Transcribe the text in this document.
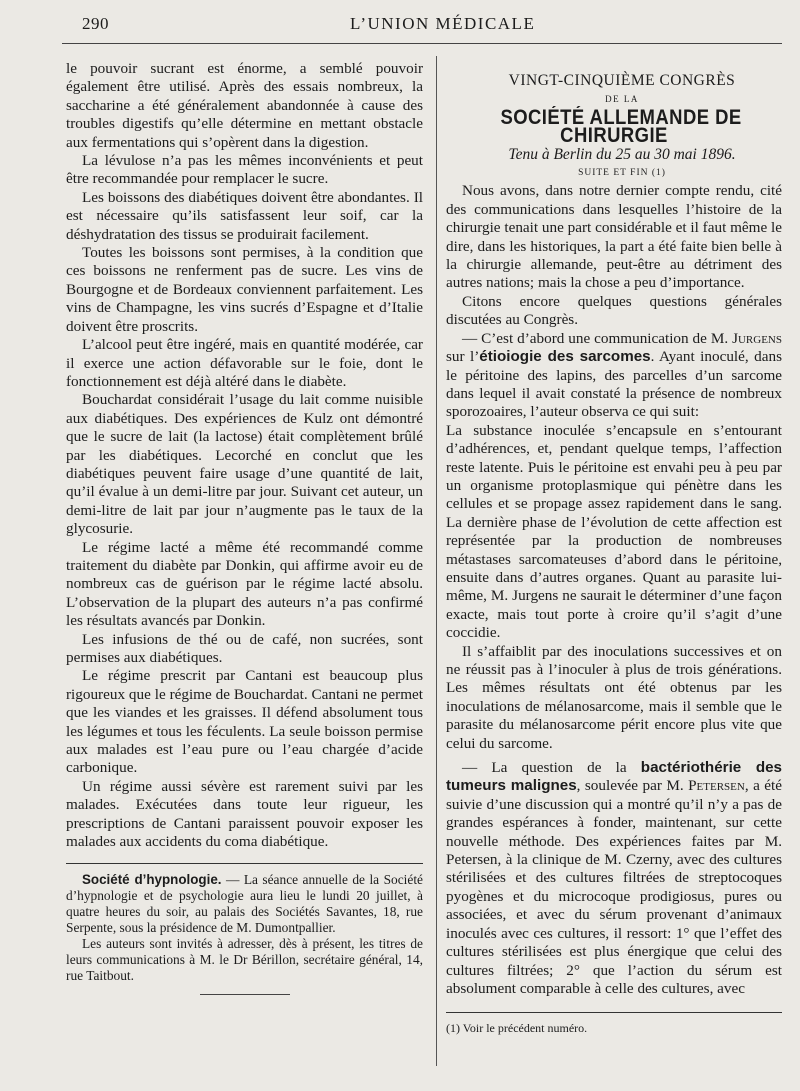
290	L’UNION MÉDICALE

le pouvoir sucrant est énorme, a semblé pouvoir également être utilisé. Après des essais nombreux, la saccharine a été généralement abandonnée à cause des troubles digestifs qu’elle détermine en mettant obstacle aux fermentations qui s’opèrent dans la digestion.

La lévulose n’a pas les mêmes inconvénients et peut être recommandée pour remplacer le sucre.

Les boissons des diabétiques doivent être abondantes. Il est nécessaire qu’ils satisfassent leur soif, car la déshydratation des tissus se produirait facilement.

Toutes les boissons sont permises, à la condition que ces boissons ne renferment pas de sucre. Les vins de Bourgogne et de Bordeaux conviennent parfaitement. Les vins de Champagne, les vins sucrés d’Espagne et d’Italie doivent être proscrits.

L’alcool peut être ingéré, mais en quantité modérée, car il exerce une action défavorable sur le foie, dont le fonctionnement est déjà altéré dans le diabète.

Bouchardat considérait l’usage du lait comme nuisible aux diabétiques. Des expériences de Kulz ont démontré que le sucre de lait (la lactose) était complètement brûlé par les diabétiques. Lecorché en conclut que les diabétiques peuvent faire usage d’une quantité de lait, qu’il évalue à un demi-litre par jour. Suivant cet auteur, un demi-litre de lait par jour n’augmente pas le taux de la glycosurie.

Le régime lacté a même été recommandé comme traitement du diabète par Donkin, qui affirme avoir eu de nombreux cas de guérison par le régime lacté absolu. L’observation de la plupart des auteurs n’a pas confirmé les résultats avancés par Donkin.

Les infusions de thé ou de café, non sucrées, sont permises aux diabétiques.

Le régime prescrit par Cantani est beaucoup plus rigoureux que le régime de Bouchardat. Cantani ne permet que les viandes et les graisses. Il défend absolument tous les légumes et tous les féculents. La seule boisson permise aux malades est l’eau pure ou l’eau chargée d’acide carbonique.

Un régime aussi sévère est rarement suivi par les malades. Exécutées dans toute leur rigueur, les prescriptions de Cantani paraissent pouvoir exposer les malades aux accidents du coma diabétique.

Société d’hypnologie. — La séance annuelle de la Société d’hypnologie et de psychologie aura lieu le lundi 20 juillet, à quatre heures du soir, au palais des Sociétés Savantes, 18, rue Serpente, sous la présidence de M. Dumontpallier.

Les auteurs sont invités à adresser, dès à présent, les titres de leurs communications à M. le Dr Bérillon, secrétaire général, 14, rue Taitbout.

VINGT-CINQUIÈME CONGRÈS

DE LA

SOCIÉTÉ ALLEMANDE DE CHIRURGIE

Tenu à Berlin du 25 au 30 mai 1896.

SUITE ET FIN (1)

Nous avons, dans notre dernier compte rendu, cité des communications dans lesquelles l’histoire de la chirurgie tenait une part considérable et il faut même le dire, dans les historiques, la part a été faite bien belle à la chirurgie allemande, peut-être au détriment des autres nations; mais la chose a peu d’importance.

Citons encore quelques questions générales discutées au Congrès.

— C’est d’abord une communication de M. Jurgens sur l’étioiogie des sarcomes. Ayant inoculé, dans le péritoine des lapins, des parcelles d’un sarcome dans lequel il avait constaté la présence de nombreux sporozoaires, l’auteur observa ce qui suit:

La substance inoculée s’encapsule en s’entourant d’adhérences, et, pendant quelque temps, l’affection reste latente. Puis le péritoine est envahi peu à peu par un organisme protoplasmique qui pénètre dans les cellules et se propage assez rapidement dans le sang. La dernière phase de l’évolution de cette affection est représentée par la production de nombreuses métastases sarcomateuses d’abord dans le péritoine, ensuite dans d’autres organes. Quant au parasite lui-même, M. Jurgens ne saurait le déterminer d’une façon exacte, mais tout porte à croire qu’il s’agit d’une coccidie.

Il s’affaiblit par des inoculations successives et on ne réussit pas à l’inoculer à plus de trois générations. Les mêmes résultats ont été obtenus par les inoculations de mélanosarcome, mais il semble que le parasite du mélanosarcome périt encore plus vite que celui du sarcome.

— La question de la bactériothérie des tumeurs malignes, soulevée par M. Petersen, a été suivie d’une discussion qui a montré qu’il n’y a pas de grandes espérances à fonder, maintenant, sur cette nouvelle méthode. Des expériences faites par M. Petersen, à la clinique de M. Czerny, avec des cultures stérilisées et des cultures filtrées de streptocoques pyogènes et du microcoque prodigiosus, pures ou associées, et avec du sérum provenant d’animaux inoculés avec ces cultures, il ressort: 1° que l’effet des cultures stérilisées est plus énergique que celui des cultures filtrées; 2° que l’action du sérum est absolument comparable à celle des cultures, avec

(1) Voir le précédent numéro.
